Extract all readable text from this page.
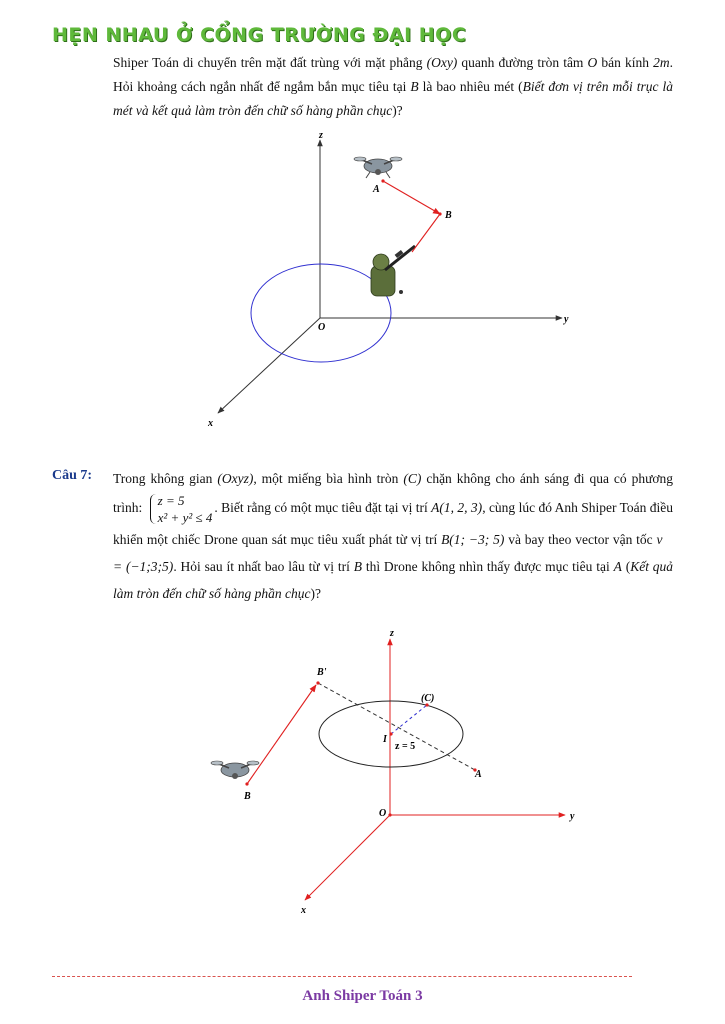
HẸN NHAU Ở CỔNG TRƯỜNG ĐẠI HỌC
Shiper Toán di chuyển trên mặt đất trùng với mặt phẳng (Oxy) quanh đường tròn tâm O bán kính 2m. Hỏi khoảng cách ngắn nhất để ngắm bắn mục tiêu tại B là bao nhiêu mét (Biết đơn vị trên mỗi trục là mét và kết quả làm tròn đến chữ số hàng phần chục)?
z
y
x
O
A
B
Câu 7: Trong không gian (Oxyz), một miếng bìa hình tròn (C) chặn không cho ánh sáng đi qua có phương trình: z = 5
x² + y² ≤ 4
. Biết rằng có một mục tiêu đặt tại vị trí A(1, 2, 3), cùng lúc đó Anh Shiper Toán điều khiển một chiếc Drone quan sát mục tiêu xuất phát từ vị trí B(1; −3; 5) và bay theo vector vận tốc v⃗ = (−1;3;5). Hỏi sau ít nhất bao lâu từ vị trí B thì Drone không nhìn thấy được mục tiêu tại A (Kết quả làm tròn đến chữ số hàng phần chục)?
z
y
x
O
B'
B
A
(C)
I
z = 5
Anh Shiper Toán 3
